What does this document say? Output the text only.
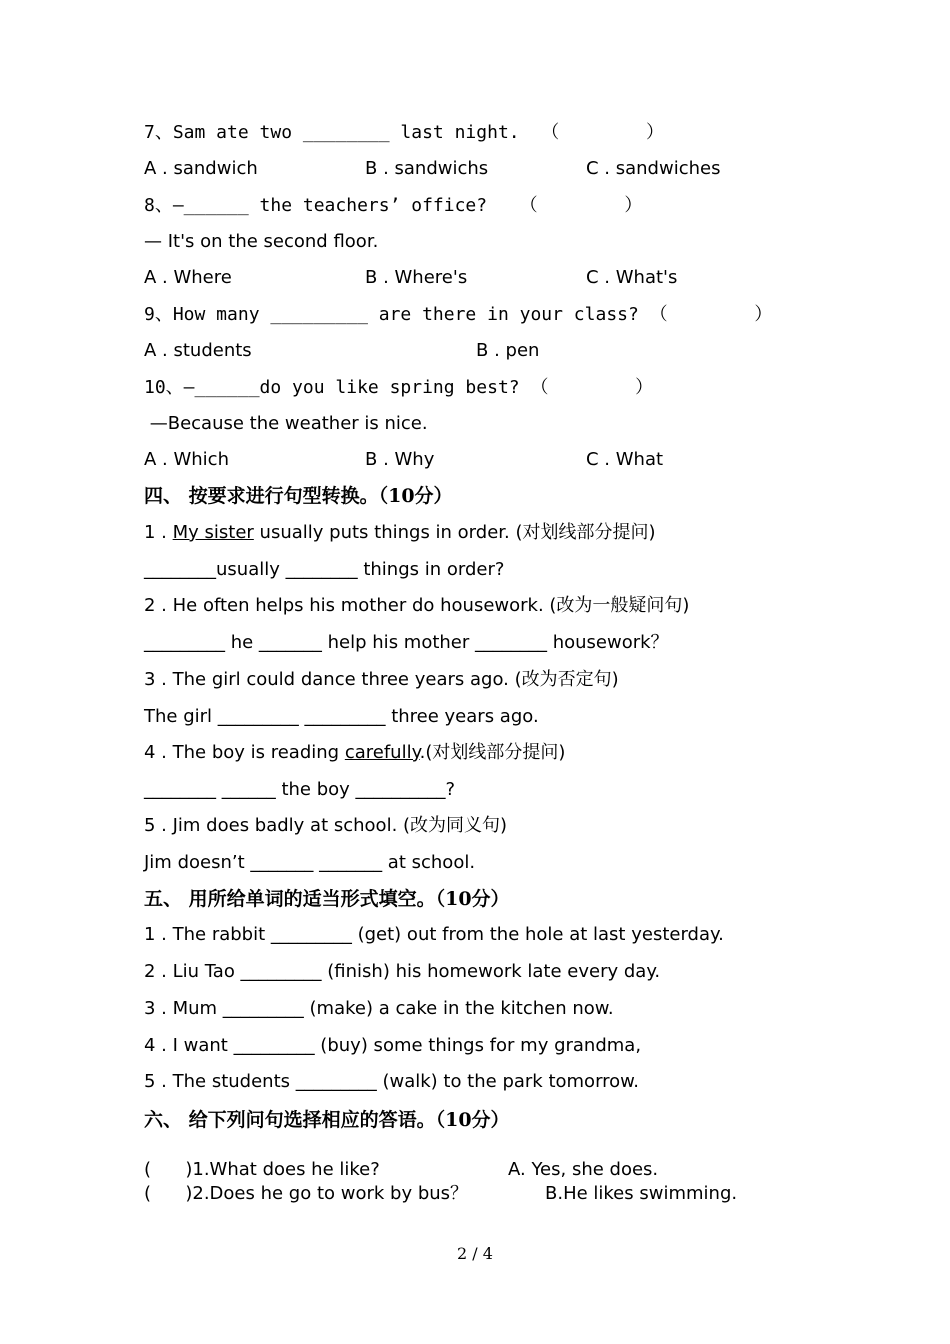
7、Sam ate two ________ last night.  （        ）
A . sandwich	B . sandwichs	C . sandwiches
8、—______ the teachers’ office?   （        ）
— It's on the second floor.
A . Where	B . Where's	C . What's
9、How many _________ are there in your class? （        ）
A . students	B . pen
10、—______do you like spring best? （        ）
—Because the weather is nice.
A . Which	B . Why	C . What
四、 按要求进行句型转换。（10分）
1 . My sister usually puts things in order. (对划线部分提问)
________usually ________ things in order?
2 . He often helps his mother do housework. (改为一般疑问句)
_________ he _______ help his mother ________ housework？
3 . The girl could dance three years ago. (改为否定句)
The girl _________ _________ three years ago.
4 . The boy is reading carefully.(对划线部分提问)
________ ______ the boy __________?
5 . Jim does badly at school. (改为同义句)
Jim doesn’t _______ _______ at school.
五、 用所给单词的适当形式填空。（10分）
1 . The rabbit _________ (get) out from the hole at last yesterday.
2 . Liu Tao _________ (finish) his homework late every day.
3 . Mum _________ (make) a cake in the kitchen now.
4 . I want _________ (buy) some things for my grandma,
5 . The students _________ (walk) to the park tomorrow.
六、 给下列问句选择相应的答语。（10分）
(      )1.What does he like?	A. Yes, she does.
(      )2.Does he go to work by bus？	B.He likes swimming.
2 / 4
